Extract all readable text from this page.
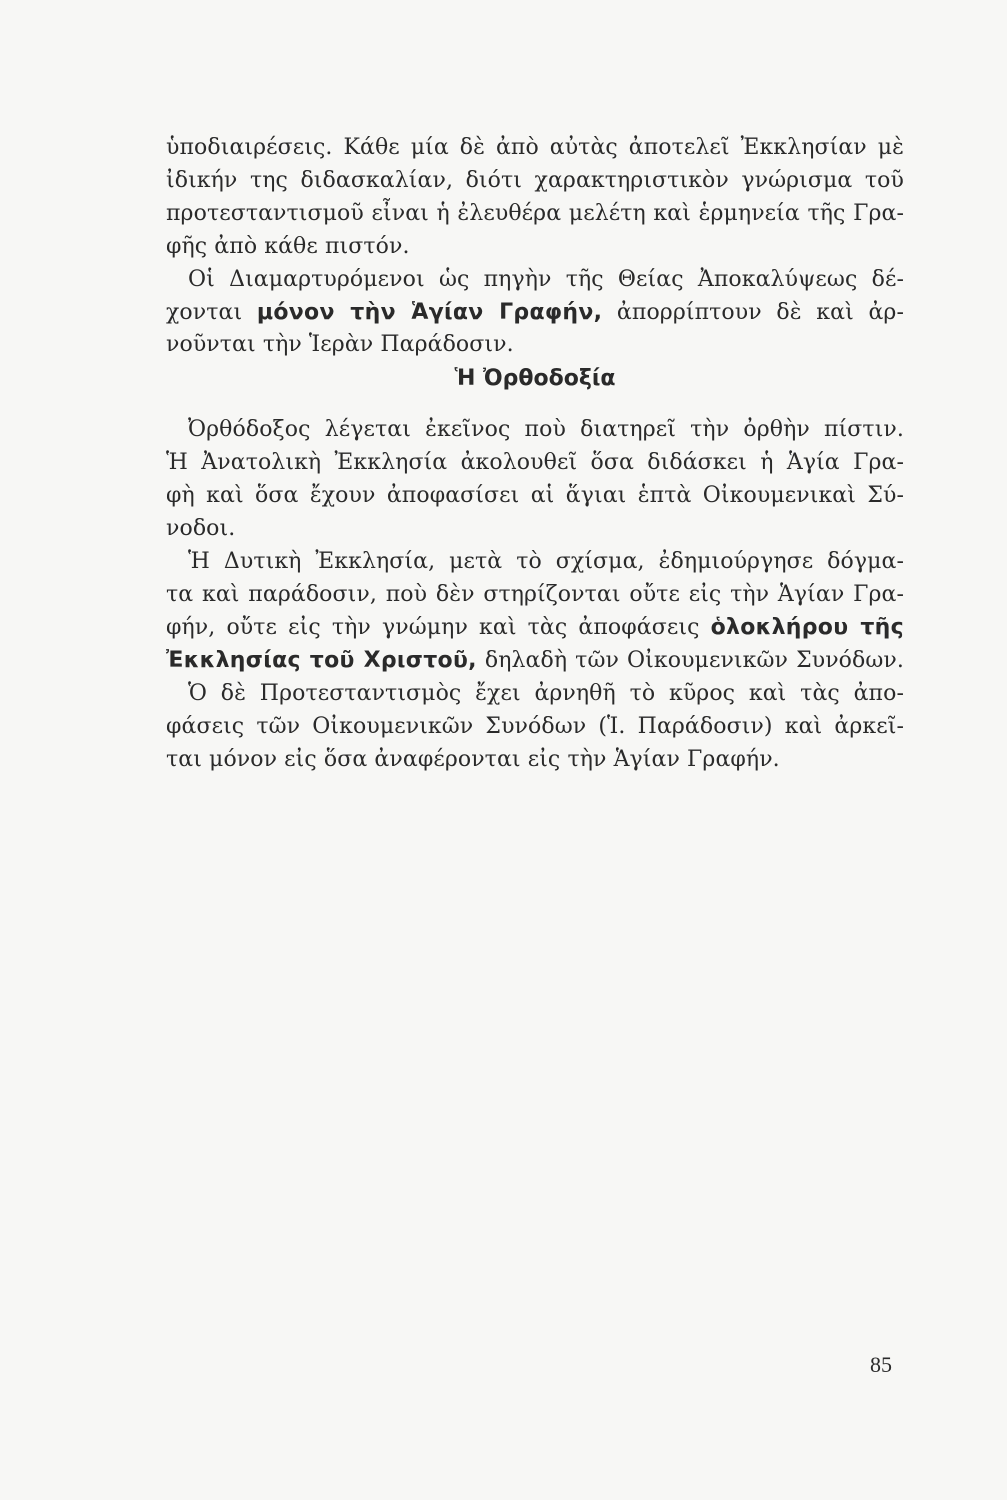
ὑποδιαιρέσεις. Κάθε μία δὲ ἀπὸ αὐτὰς ἀποτελεῖ Ἐκκλησίαν μὲ
ἰδικήν της διδασκαλίαν, διότι χαρακτηριστικὸν γνώρισμα τοῦ
προτεσταντισμοῦ εἶναι ἡ ἐλευθέρα μελέτη καὶ ἑρμηνεία τῆς Γρα-
φῆς ἀπὸ κάθε πιστόν.
Οἱ Διαμαρτυρόμενοι ὡς πηγὴν τῆς Θείας Ἀποκαλύψεως δέ-
χονται μόνον τὴν Ἁγίαν Γραφήν, ἀπορρίπτουν δὲ καὶ ἀρ-
νοῦνται τὴν Ἱερὰν Παράδοσιν.
Ἡ Ὀρθοδοξία
Ὀρθόδοξος λέγεται ἐκεῖνος ποὺ διατηρεῖ τὴν ὀρθὴν πίστιν.
Ἡ Ἀνατολικὴ Ἐκκλησία ἀκολουθεῖ ὅσα διδάσκει ἡ Ἁγία Γρα-
φὴ καὶ ὅσα ἔχουν ἀποφασίσει αἱ ἅγιαι ἑπτὰ Οἰκουμενικαὶ Σύ-
νοδοι.
Ἡ Δυτικὴ Ἐκκλησία, μετὰ τὸ σχίσμα, ἐδημιούργησε δόγμα-
τα καὶ παράδοσιν, ποὺ δὲν στηρίζονται οὔτε εἰς τὴν Ἁγίαν Γρα-
φήν, οὔτε εἰς τὴν γνώμην καὶ τὰς ἀποφάσεις ὁλοκλήρου τῆς
Ἐκκλησίας τοῦ Χριστοῦ, δηλαδὴ τῶν Οἰκουμενικῶν Συνόδων.
Ὁ δὲ Προτεσταντισμὸς ἔχει ἀρνηθῆ τὸ κῦρος καὶ τὰς ἀπο-
φάσεις τῶν Οἰκουμενικῶν Συνόδων (Ἱ. Παράδοσιν) καὶ ἀρκεῖ-
ται μόνον εἰς ὅσα ἀναφέρονται εἰς τὴν Ἁγίαν Γραφήν.
85
